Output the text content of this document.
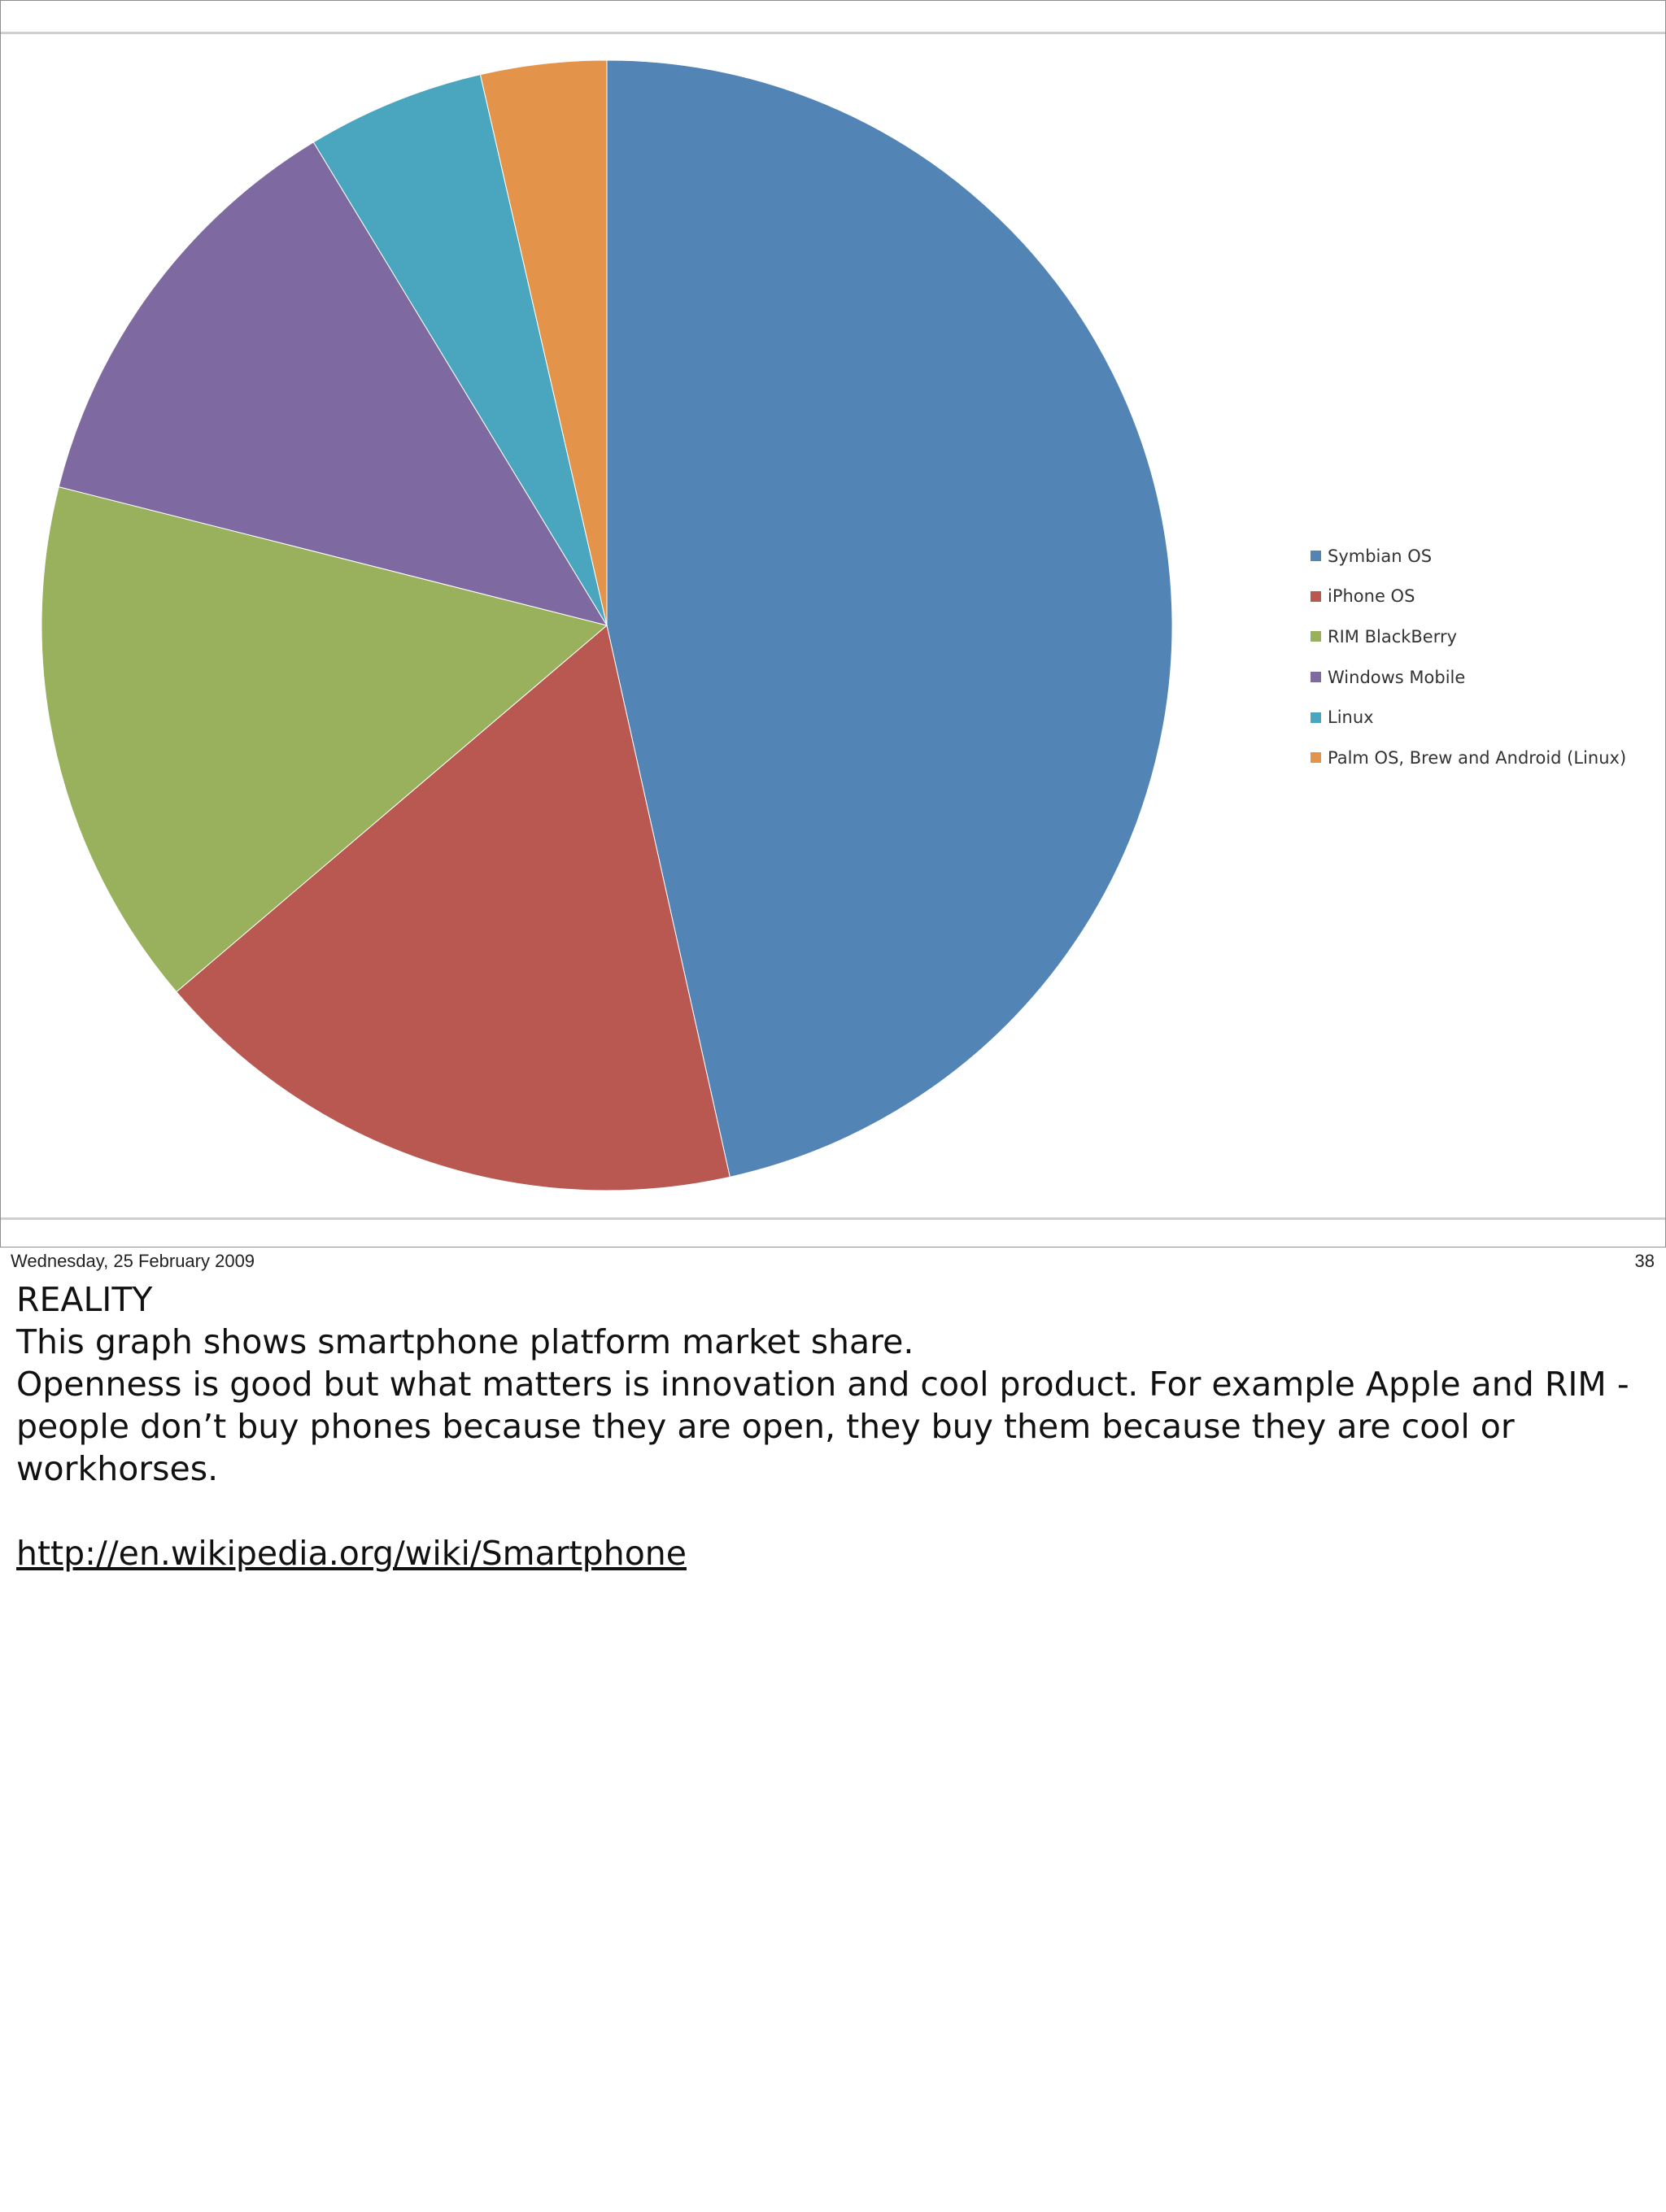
Symbian OS
iPhone OS
RIM BlackBerry
Windows Mobile
Linux
Palm OS, Brew and Android (Linux)
Wednesday, 25 February 2009	38

REALITY

This graph shows smartphone platform market share.

Openness is good but what matters is innovation and cool product. For example Apple and RIM - people don’t buy phones because they are open, they buy them because they are cool or workhorses.

http://en.wikipedia.org/wiki/Smartphone
